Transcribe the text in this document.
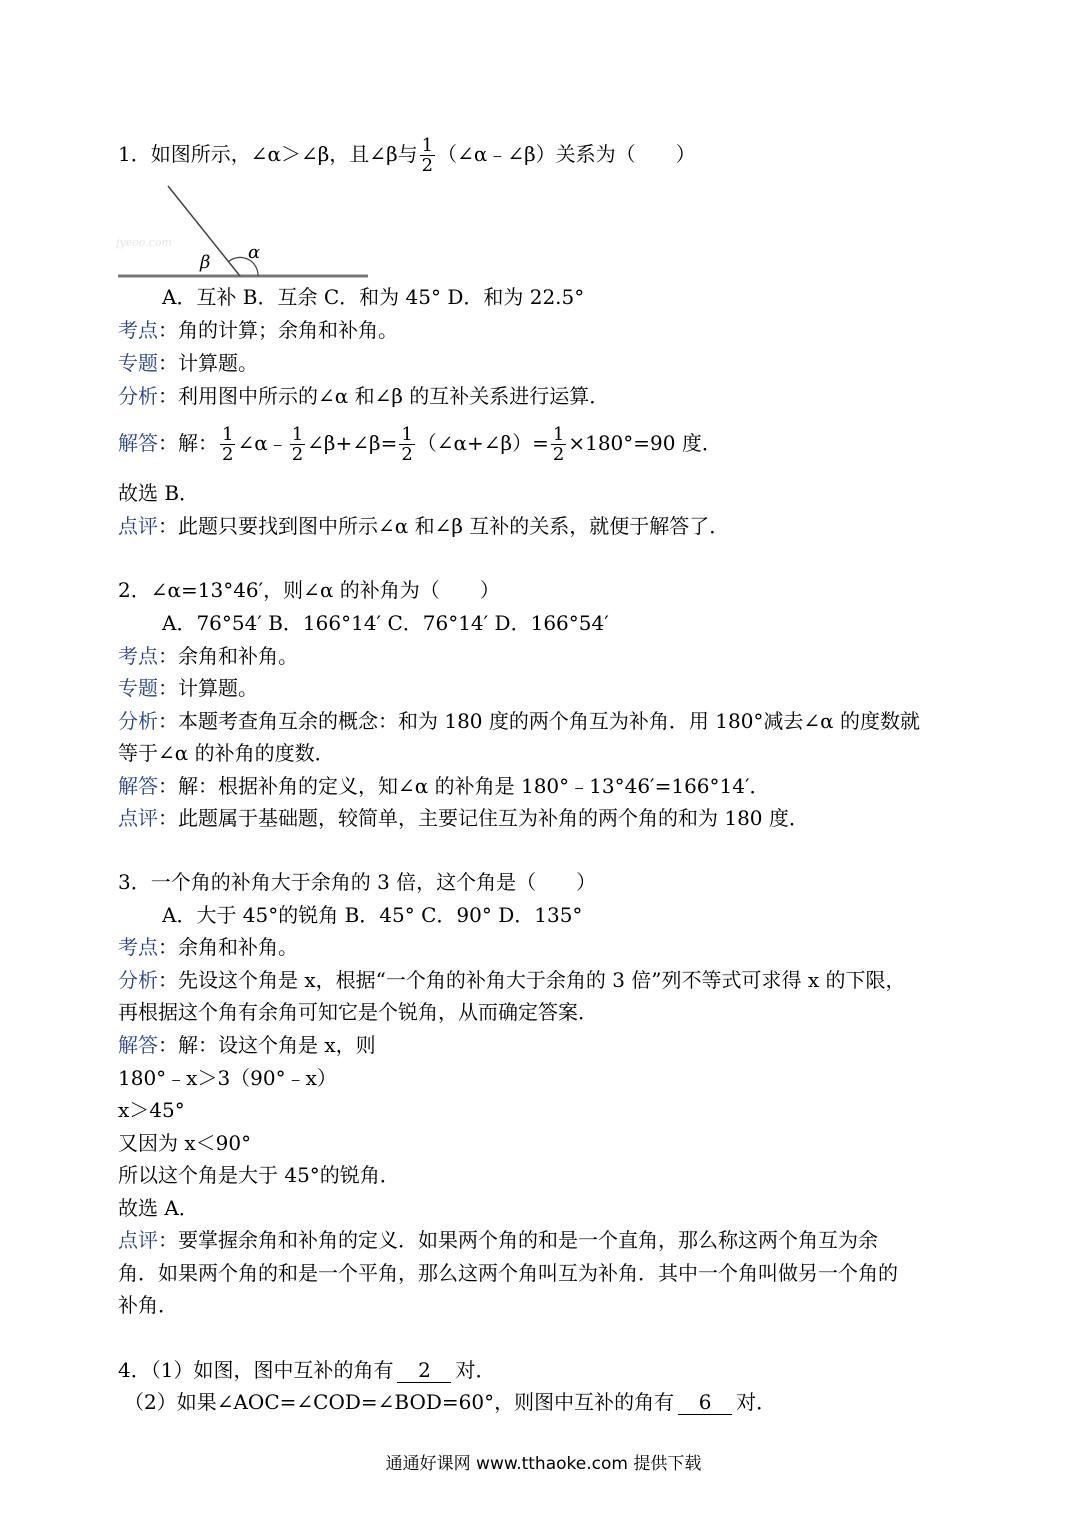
1．如图所示，∠α＞∠β，且∠β与 $\frac{1}{2}$ （∠α﹣∠β）关系为（　　）
jyeoo.com
β α
A．互补 B．互余 C．和为 45° D．和为 22.5°
考点：角的计算；余角和补角。
专题：计算题。
分析：利用图中所示的∠α 和∠β 的互补关系进行运算．
解答：解： $\frac{1}{2}$ ∠α﹣ $\frac{1}{2}$ ∠β+∠β= $\frac{1}{2}$ （∠α+∠β）= $\frac{1}{2} \times 180^\circ=90$ 度．
故选 B．
点评：此题只要找到图中所示∠α 和∠β 互补的关系，就便于解答了．
2．∠α=13°46′，则∠α 的补角为（　　）
A．76°54′ B．166°14′ C．76°14′ D．166°54′
考点：余角和补角。
专题：计算题。
分析：本题考查角互余的概念：和为 180 度的两个角互为补角．用 180°减去∠α 的度数就
等于∠α 的补角的度数．
解答：解：根据补角的定义，知∠α 的补角是 180°﹣13°46′=166°14′．
点评：此题属于基础题，较简单，主要记住互为补角的两个角的和为 180 度．
3．一个角的补角大于余角的 3 倍，这个角是（　　）
A．大于 45°的锐角 B．45° C．90° D．135°
考点：余角和补角。
分析：先设这个角是 x，根据“一个角的补角大于余角的 3 倍”列不等式可求得 x 的下限，
再根据这个角有余角可知它是个锐角，从而确定答案．
解答：解：设这个角是 x，则
180°﹣x＞3（90°﹣x）
x＞45°
又因为 x＜90°
所以这个角是大于 45°的锐角．
故选 A．
点评：要掌握余角和补角的定义．如果两个角的和是一个直角，那么称这两个角互为余
角．如果两个角的和是一个平角，那么这两个角叫互为补角．其中一个角叫做另一个角的
补角．
4．（1）如图，图中互补的角有 2 对．
（2）如果∠AOC=∠COD=∠BOD=60°，则图中互补的角有 6 对．
通通好课网 www.tthaoke.com 提供下载
